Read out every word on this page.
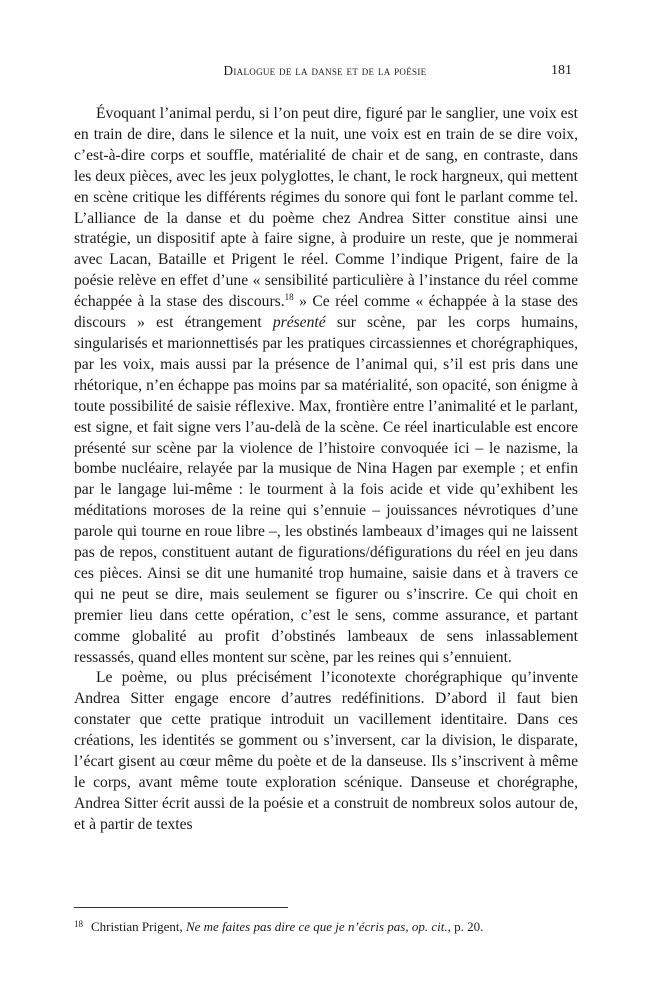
Dialogue de la danse et de la poésie	181

Évoquant l’animal perdu, si l’on peut dire, figuré par le sanglier, une voix est en train de dire, dans le silence et la nuit, une voix est en train de se dire voix, c’est-à-dire corps et souffle, matérialité de chair et de sang, en contraste, dans les deux pièces, avec les jeux polyglottes, le chant, le rock hargneux, qui mettent en scène critique les différents régimes du sonore qui font le parlant comme tel. L’alliance de la danse et du poème chez Andrea Sitter constitue ainsi une stratégie, un dispositif apte à faire signe, à produire un reste, que je nommerai avec Lacan, Bataille et Prigent le réel. Comme l’indique Prigent, faire de la poésie relève en effet d’une « sensibilité particulière à l’instance du réel comme échappée à la stase des discours.$^{18}$ » Ce réel comme « échappée à la stase des discours » est étrangement présenté sur scène, par les corps humains, singularisés et marionnettisés par les pratiques circassiennes et chorégraphiques, par les voix, mais aussi par la présence de l’animal qui, s’il est pris dans une rhétorique, n’en échappe pas moins par sa matérialité, son opacité, son énigme à toute possibilité de saisie réflexive. Max, frontière entre l’animalité et le parlant, est signe, et fait signe vers l’au-delà de la scène. Ce réel inarticulable est encore présenté sur scène par la violence de l’histoire convoquée ici – le nazisme, la bombe nucléaire, relayée par la musique de Nina Hagen par exemple ; et enfin par le langage lui-même : le tourment à la fois acide et vide qu’exhibent les méditations moroses de la reine qui s’ennuie – jouissances névrotiques d’une parole qui tourne en roue libre –, les obstinés lambeaux d’images qui ne laissent pas de repos, constituent autant de figurations/défigurations du réel en jeu dans ces pièces. Ainsi se dit une humanité trop humaine, saisie dans et à travers ce qui ne peut se dire, mais seulement se figurer ou s’inscrire. Ce qui choit en premier lieu dans cette opération, c’est le sens, comme assurance, et partant comme globalité au profit d’obstinés lambeaux de sens inlassablement ressassés, quand elles montent sur scène, par les reines qui s’ennuient.

Le poème, ou plus précisément l’iconotexte chorégraphique qu’invente Andrea Sitter engage encore d’autres redéfinitions. D’abord il faut bien constater que cette pratique introduit un vacillement identitaire. Dans ces créations, les identités se gomment ou s’inversent, car la division, le disparate, l’écart gisent au cœur même du poète et de la danseuse. Ils s’inscrivent à même le corps, avant même toute exploration scénique. Danseuse et chorégraphe, Andrea Sitter écrit aussi de la poésie et a construit de nombreux solos autour de, et à partir de textes

$^{18}$ Christian Prigent, Ne me faites pas dire ce que je n’écris pas, op. cit., p. 20.
